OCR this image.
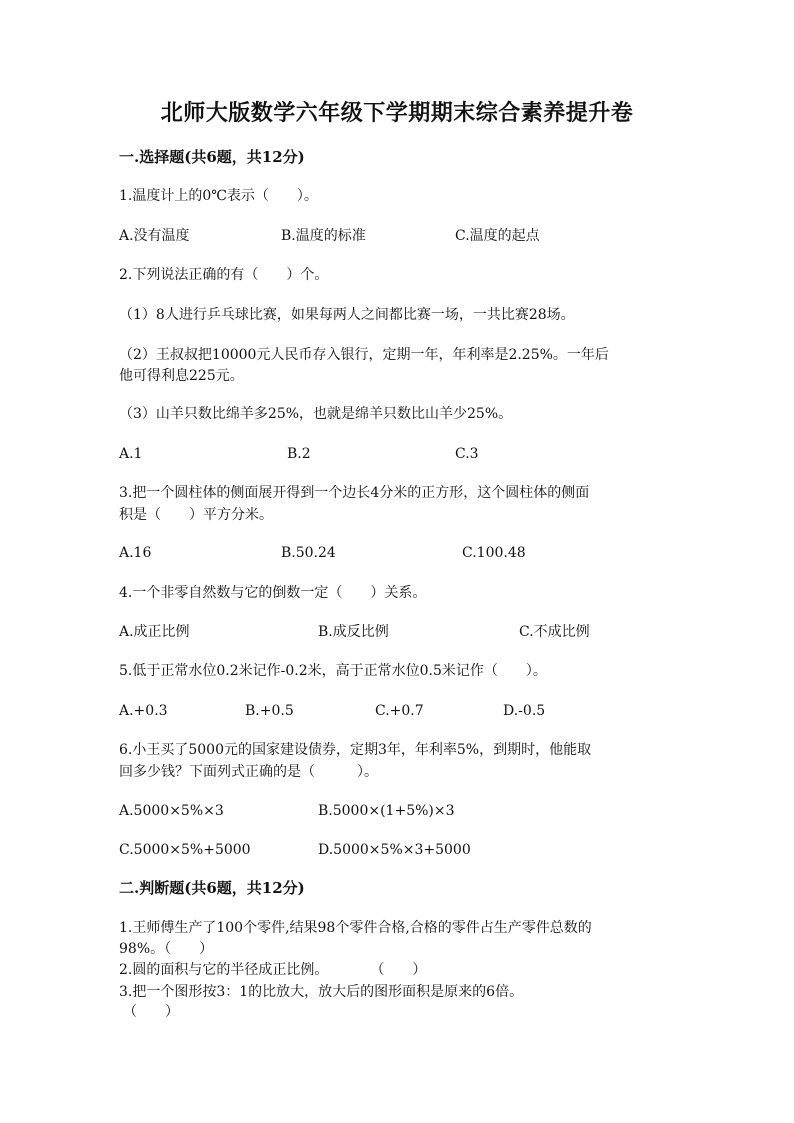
北师大版数学六年级下学期期末综合素养提升卷
一.选择题(共6题，共12分)
1.温度计上的0℃表示（　　）。
A.没有温度	B.温度的标准	C.温度的起点
2.下列说法正确的有（　　）个。
（1）8人进行乒乓球比赛，如果每两人之间都比赛一场，一共比赛28场。
（2）王叔叔把10000元人民币存入银行，定期一年，年利率是2.25%。一年后
他可得利息225元。
（3）山羊只数比绵羊多25%，也就是绵羊只数比山羊少25%。
A.1	B.2	C.3
3.把一个圆柱体的侧面展开得到一个边长4分米的正方形，这个圆柱体的侧面
积是（　　）平方分米。
A.16	B.50.24	C.100.48
4.一个非零自然数与它的倒数一定（　　）关系。
A.成正比例	B.成反比例	C.不成比例
5.低于正常水位0.2米记作-0.2米，高于正常水位0.5米记作（　　）。
A.+0.3	B.+0.5	C.+0.7	D.-0.5
6.小王买了5000元的国家建设债券，定期3年，年利率5%，到期时，他能取
回多少钱？下面列式正确的是（　　　）。
A.5000×5%×3	B.5000×(1+5%)×3
C.5000×5%+5000	D.5000×5%×3+5000
二.判断题(共6题，共12分)
1.王师傅生产了100个零件,结果98个零件合格,合格的零件占生产零件总数的
98%。（　　）
2.圆的面积与它的半径成正比例。　　　　（　　）
3.把一个图形按3：1的比放大，放大后的图形面积是原来的6倍。
（　　）
